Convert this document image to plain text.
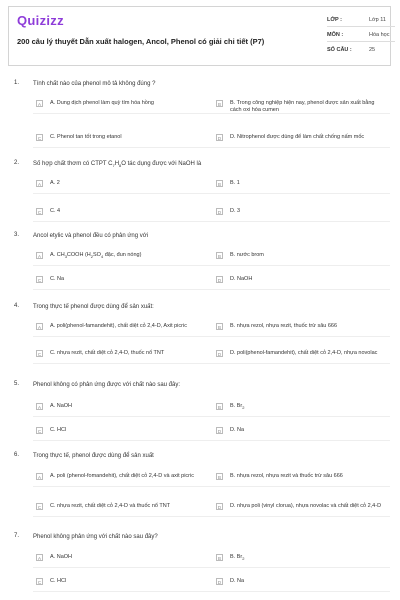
Quizizz
200 câu lý thuyết Dẫn xuất halogen, Ancol, Phenol có giải chi tiết (P7)
LỚP :	Lớp 11
MÔN :	Hóa học
SỐ CÂU :	25
1. Tính chất nào của phenol mô tả không đúng ?
A	A. Dung dịch phenol làm quỳ tím hóa hồng	B	B. Trong công nghiệp hiện nay, phenol được sản xuất bằng cách oxi hóa cumen
C	C. Phenol tan tốt trong etanol	D	D. Nitrophenol được dùng để làm chất chống nấm mốc
2. Số hợp chất thơm có CTPT $C_7H_8O$ tác dụng được với NaOH là
A	A. 2	B	B. 1
C	C. 4	D	D. 3
3. Ancol etylic và phenol đều có phản ứng với
A	A. $CH_3COOH$ ($H_2SO_4$ đặc, đun nóng)	B	B. nước brom
C	C. Na	D	D. NaOH
4. Trong thực tế phenol được dùng để sản xuất:
A	A. poli(phenol-famandehit), chất diệt cỏ 2,4-D, Axit picric	B	B. nhựa rezol, nhựa rezit, thuốc trừ sâu 666
C	C. nhựa rezit, chất diệt cỏ 2,4-D, thuốc nổ TNT	D	D. poli(phenol-famandehit), chất diệt cỏ 2,4-D, nhựa novolac
5. Phenol không có phản ứng được với chất nào sau đây:
A	A. NaOH	B	B. $Br_2$
C	C. HCl	D	D. Na
6. Trong thực tế, phenol được dùng để sản xuất
A	A. poli (phenol-fomandehit), chất diệt cỏ 2,4-D và axit picric	B	B. nhựa rezol, nhựa rezit và thuốc trừ sâu 666
C	C. nhựa rezit, chất diệt cỏ 2,4-D và thuốc nổ TNT	D	D. nhựa poli (vinyl clorua), nhựa novolac và chất diệt cỏ 2,4-D
7. Phenol không phản ứng với chất nào sau đây?
A	A. NaOH	B	B. $Br_2$
C	C. HCl	D	D. Na
